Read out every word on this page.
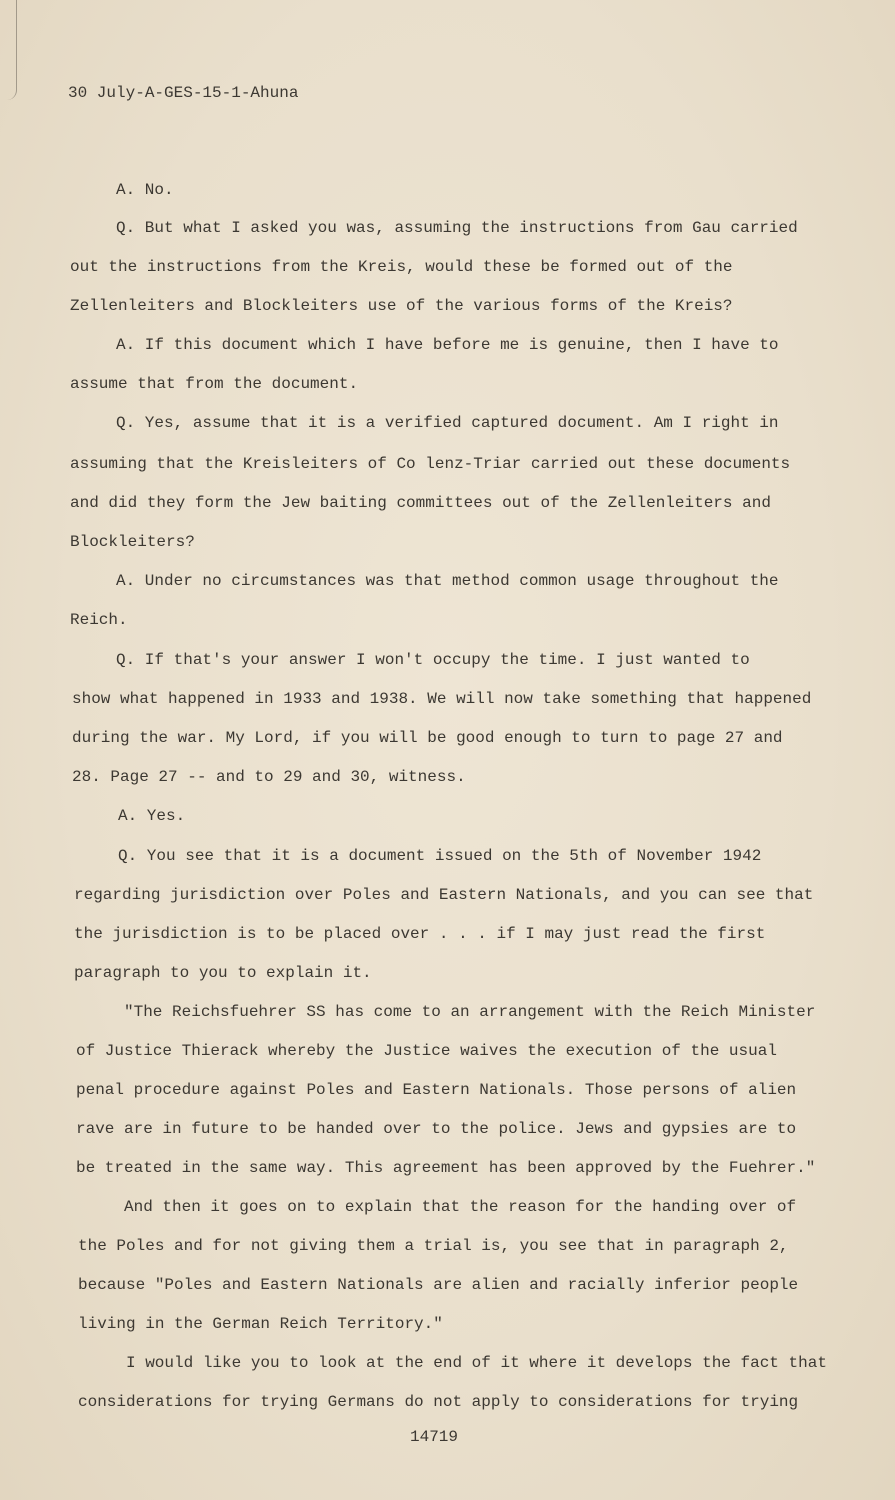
30 July-A-GES-15-1-Ahuna
A. No.
Q. But what I asked you was, assuming the instructions from Gau carried
out the instructions from the Kreis, would these be formed out of the
Zellenleiters and Blockleiters use of the various forms of the Kreis?
A. If this document which I have before me is genuine, then I have to
assume that from the document.
Q. Yes, assume that it is a verified captured document. Am I right in
assuming that the Kreisleiters of Co lenz-Triar carried out these documents
and did they form the Jew baiting committees out of the Zellenleiters and
Blockleiters?
A. Under no circumstances was that method common usage throughout the
Reich.
Q. If that's your answer I won't occupy the time. I just wanted to
show what happened in 1933 and 1938. We will now take something that happened
during the war. My Lord, if you will be good enough to turn to page 27 and
28. Page 27 -- and to 29 and 30, witness.
A. Yes.
Q. You see that it is a document issued on the 5th of November 1942
regarding jurisdiction over Poles and Eastern Nationals, and you can see that
the jurisdiction is to be placed over . . . if I may just read the first
paragraph to you to explain it.
"The Reichsfuehrer SS has come to an arrangement with the Reich Minister
of Justice Thierack whereby the Justice waives the execution of the usual
penal procedure against Poles and Eastern Nationals. Those persons of alien
rave are in future to be handed over to the police. Jews and gypsies are to
be treated in the same way. This agreement has been approved by the Fuehrer."
And then it goes on to explain that the reason for the handing over of
the Poles and for not giving them a trial is, you see that in paragraph 2,
because "Poles and Eastern Nationals are alien and racially inferior people
living in the German Reich Territory."
I would like you to look at the end of it where it develops the fact that
considerations for trying Germans do not apply to considerations for trying
14719
